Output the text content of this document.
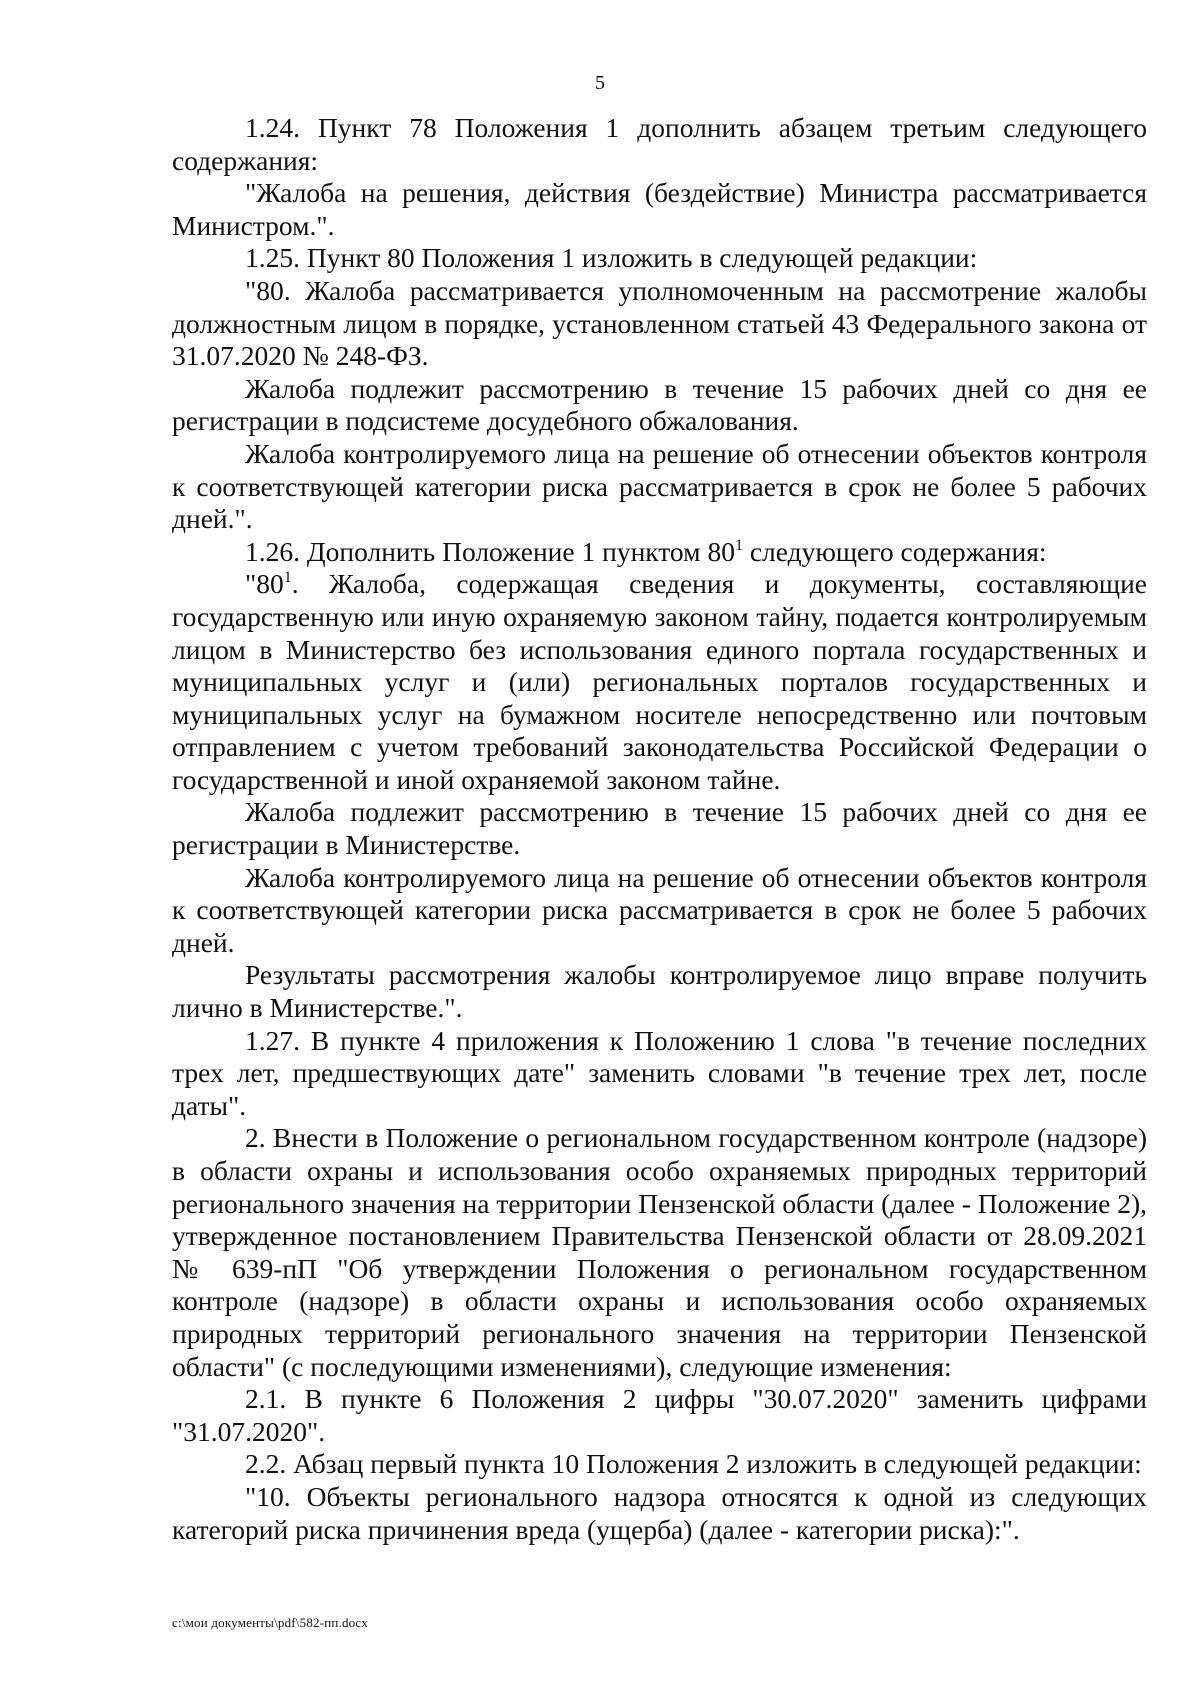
5

1.24. Пункт 78 Положения 1 дополнить абзацем третьим следующего содержания:

"Жалоба на решения, действия (бездействие) Министра рассматривается Министром.".

1.25. Пункт 80 Положения 1 изложить в следующей редакции:

"80. Жалоба рассматривается уполномоченным на рассмотрение жалобы должностным лицом в порядке, установленном статьей 43 Федерального закона от 31.07.2020 № 248-ФЗ.

Жалоба подлежит рассмотрению в течение 15 рабочих дней со дня ее регистрации в подсистеме досудебного обжалования.

Жалоба контролируемого лица на решение об отнесении объектов контроля к соответствующей категории риска рассматривается в срок не более 5 рабочих дней.".

1.26. Дополнить Положение 1 пунктом $80^1$ следующего содержания:

"$80^1$. Жалоба, содержащая сведения и документы, составляющие государственную или иную охраняемую законом тайну, подается контролируемым лицом в Министерство без использования единого портала государственных и муниципальных услуг и (или) региональных порталов государственных и муниципальных услуг на бумажном носителе непосредственно или почтовым отправлением с учетом требований законодательства Российской Федерации о государственной и иной охраняемой законом тайне.

Жалоба подлежит рассмотрению в течение 15 рабочих дней со дня ее регистрации в Министерстве.

Жалоба контролируемого лица на решение об отнесении объектов контроля к соответствующей категории риска рассматривается в срок не более 5 рабочих дней.

Результаты рассмотрения жалобы контролируемое лицо вправе получить лично в Министерстве.".

1.27. В пункте 4 приложения к Положению 1 слова "в течение последних трех лет, предшествующих дате" заменить словами "в течение трех лет, после даты".

2. Внести в Положение о региональном государственном контроле (надзоре) в области охраны и использования особо охраняемых природных территорий регионального значения на территории Пензенской области (далее - Положение 2), утвержденное постановлением Правительства Пензенской области от 28.09.2021 № 639-пП "Об утверждении Положения о региональном государственном контроле (надзоре) в области охраны и использования особо охраняемых природных территорий регионального значения на территории Пензенской области" (с последующими изменениями), следующие изменения:

2.1. В пункте 6 Положения 2 цифры "30.07.2020" заменить цифрами "31.07.2020".

2.2. Абзац первый пункта 10 Положения 2 изложить в следующей редакции:

"10. Объекты регионального надзора относятся к одной из следующих категорий риска причинения вреда (ущерба) (далее - категории риска):".

c:\мои документы\pdf\582-пп.docx
